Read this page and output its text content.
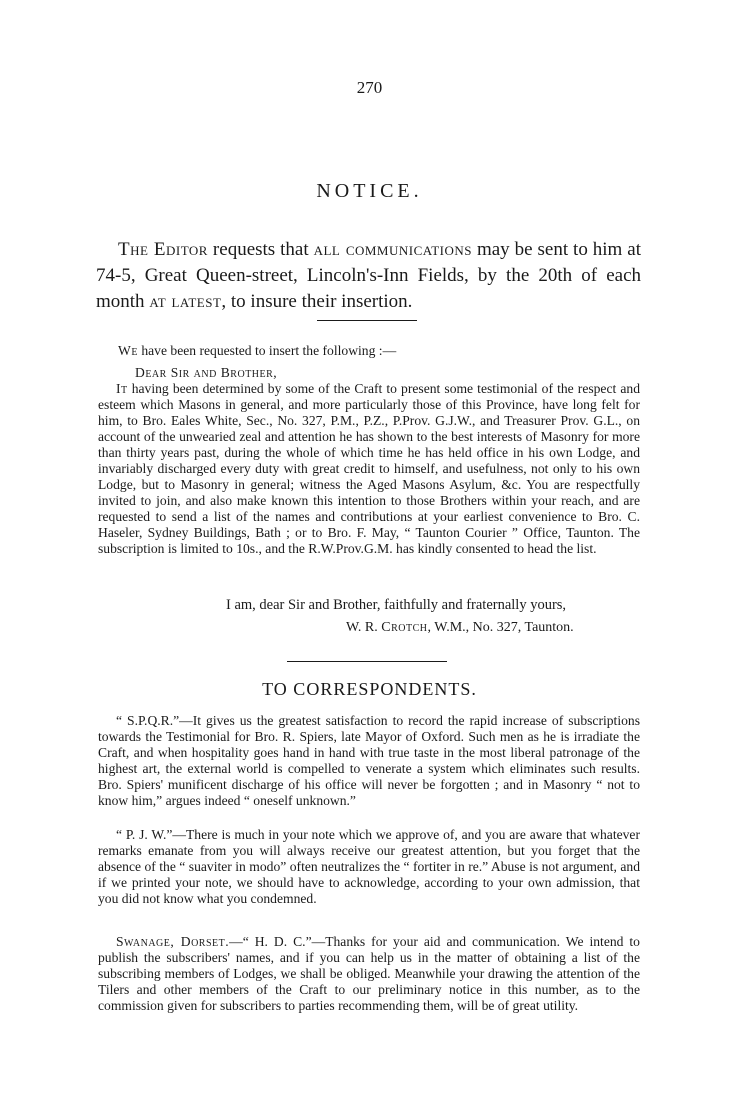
270
NOTICE.

The Editor requests that all communications may be sent to him at 74-5, Great Queen-street, Lincoln's-Inn Fields, by the 20th of each month at latest, to insure their insertion.

We have been requested to insert the following :—
Dear Sir and Brother,

It having been determined by some of the Craft to present some testimonial of the respect and esteem which Masons in general, and more particularly those of this Province, have long felt for him, to Bro. Eales White, Sec., No. 327, P.M., P.Z., P.Prov. G.J.W., and Treasurer Prov. G.L., on account of the unwearied zeal and attention he has shown to the best interests of Masonry for more than thirty years past, during the whole of which time he has held office in his own Lodge, and invariably discharged every duty with great credit to himself, and usefulness, not only to his own Lodge, but to Masonry in general; witness the Aged Masons Asylum, &c. You are respectfully invited to join, and also make known this intention to those Brothers within your reach, and are requested to send a list of the names and contributions at your earliest convenience to Bro. C. Haseler, Sydney Buildings, Bath ; or to Bro. F. May, “ Taunton Courier ” Office, Taunton. The subscription is limited to 10s., and the R.W.Prov.G.M. has kindly consented to head the list.

I am, dear Sir and Brother, faithfully and fraternally yours,
W. R. Crotch, W.M., No. 327, Taunton.
TO CORRESPONDENTS.

“ S.P.Q.R.”—It gives us the greatest satisfaction to record the rapid increase of subscriptions towards the Testimonial for Bro. R. Spiers, late Mayor of Oxford. Such men as he is irradiate the Craft, and when hospitality goes hand in hand with true taste in the most liberal patronage of the highest art, the external world is compelled to venerate a system which eliminates such results. Bro. Spiers' munificent discharge of his office will never be forgotten ; and in Masonry “ not to know him,” argues indeed “ oneself unknown.”

“ P. J. W.”—There is much in your note which we approve of, and you are aware that whatever remarks emanate from you will always receive our greatest attention, but you forget that the absence of the “ suaviter in modo” often neutralizes the “ fortiter in re.” Abuse is not argument, and if we printed your note, we should have to acknowledge, according to your own admission, that you did not know what you condemned.

Swanage, Dorset.—“ H. D. C.”—Thanks for your aid and communication. We intend to publish the subscribers' names, and if you can help us in the matter of obtaining a list of the subscribing members of Lodges, we shall be obliged. Meanwhile your drawing the attention of the Tilers and other members of the Craft to our preliminary notice in this number, as to the commission given for subscribers to parties recommending them, will be of great utility.
